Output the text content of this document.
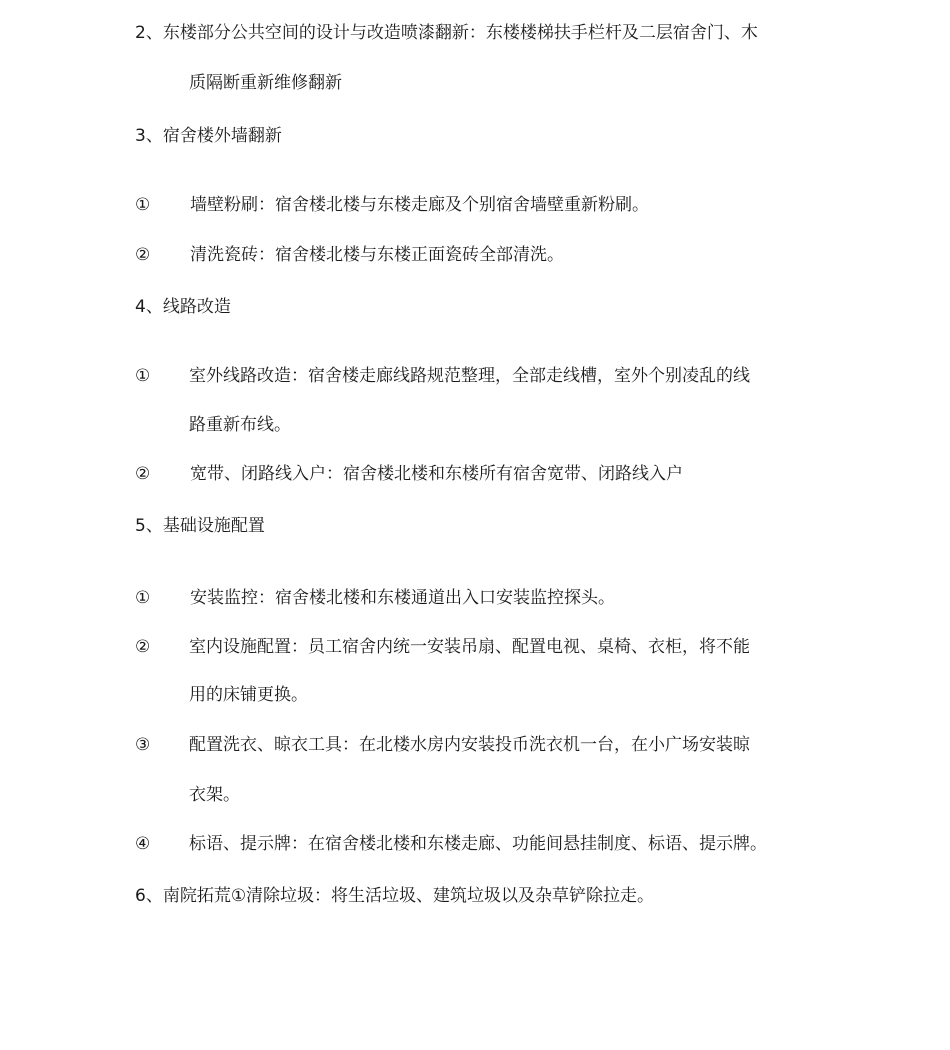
2、东楼部分公共空间的设计与改造喷漆翻新：东楼楼梯扶手栏杆及二层宿舍门、木
质隔断重新维修翻新
3、宿舍楼外墙翻新
① 墙壁粉刷：宿舍楼北楼与东楼走廊及个别宿舍墙壁重新粉刷。
② 清洗瓷砖：宿舍楼北楼与东楼正面瓷砖全部清洗。
4、线路改造
① 室外线路改造：宿舍楼走廊线路规范整理，全部走线槽，室外个别凌乱的线
路重新布线。
② 宽带、闭路线入户：宿舍楼北楼和东楼所有宿舍宽带、闭路线入户
5、基础设施配置
① 安装监控：宿舍楼北楼和东楼通道出入口安装监控探头。
② 室内设施配置：员工宿舍内统一安装吊扇、配置电视、桌椅、衣柜，将不能
用的床铺更换。
③ 配置洗衣、晾衣工具：在北楼水房内安装投币洗衣机一台，在小广场安装晾
衣架。
④ 标语、提示牌：在宿舍楼北楼和东楼走廊、功能间悬挂制度、标语、提示牌。
6、南院拓荒①清除垃圾：将生活垃圾、建筑垃圾以及杂草铲除拉走。
